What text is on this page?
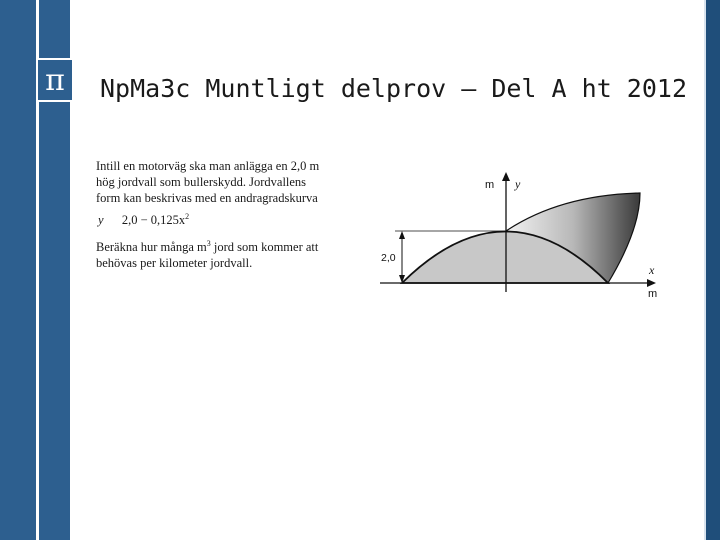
π Np​Ma3c Muntligt delprov – Del A ht 2012

Intill en motorväg ska man anlägga en 2,0 m

hög jordvall som bullerskydd. Jordvallens

form kan beskrivas med en andragradskurva

y $2,0 - 0,125x^2$

Beräkna hur många $m^3$ jord som kommer att

behövas per kilometer jordvall.

m y
x
m
2,0
